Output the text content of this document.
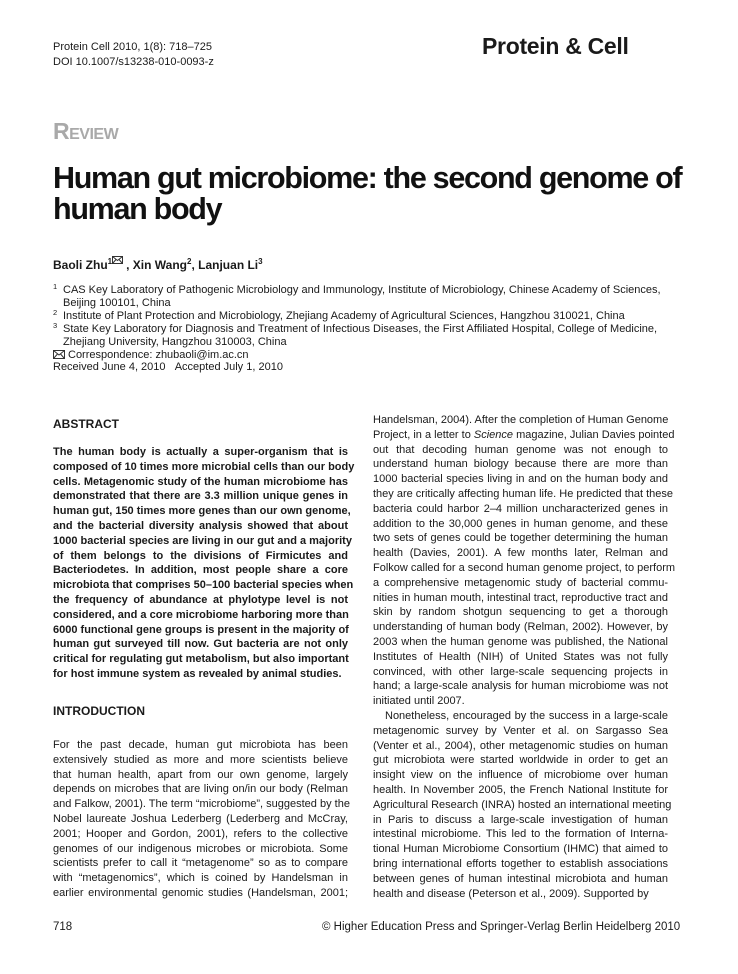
Protein Cell 2010, 1(8): 718–725
DOI 10.1007/s13238-010-0093-z
Protein & Cell
Review
Human gut microbiome: the second genome of human body
Baoli Zhu$^1$ , Xin Wang$^2$, Lanjuan Li$^3$
1 CAS Key Laboratory of Pathogenic Microbiology and Immunology, Institute of Microbiology, Chinese Academy of Sciences,
Beijing 100101, China
2 Institute of Plant Protection and Microbiology, Zhejiang Academy of Agricultural Sciences, Hangzhou 310021, China
3 State Key Laboratory for Diagnosis and Treatment of Infectious Diseases, the First Affiliated Hospital, College of Medicine,
Zhejiang University, Hangzhou 310003, China
Correspondence: zhubaoli@im.ac.cn
Received June 4, 2010 Accepted July 1, 2010
ABSTRACT
The human body is actually a super-organism that is
composed of 10 times more microbial cells than our body
cells. Metagenomic study of the human microbiome has
demonstrated that there are 3.3 million unique genes in
human gut, 150 times more genes than our own genome,
and the bacterial diversity analysis showed that about
1000 bacterial species are living in our gut and a majority
of them belongs to the divisions of Firmicutes and
Bacteriodetes. In addition, most people share a core
microbiota that comprises 50–100 bacterial species when
the frequency of abundance at phylotype level is not
considered, and a core microbiome harboring more than
6000 functional gene groups is present in the majority of
human gut surveyed till now. Gut bacteria are not only
critical for regulating gut metabolism, but also important
for host immune system as revealed by animal studies.
INTRODUCTION
For the past decade, human gut microbiota has been
extensively studied as more and more scientists believe
that human health, apart from our own genome, largely
depends on microbes that are living on/in our body (Relman
and Falkow, 2001). The term “microbiome”, suggested by the
Nobel laureate Joshua Lederberg (Lederberg and McCray,
2001; Hooper and Gordon, 2001), refers to the collective
genomes of our indigenous microbes or microbiota. Some
scientists prefer to call it “metagenome” so as to compare
with “metagenomics”, which is coined by Handelsman in
earlier environmental genomic studies (Handelsman, 2001;
Handelsman, 2004). After the completion of Human Genome
Project, in a letter to Science magazine, Julian Davies pointed
out that decoding human genome was not enough to
understand human biology because there are more than
1000 bacterial species living in and on the human body and
they are critically affecting human life. He predicted that these
bacteria could harbor 2–4 million uncharacterized genes in
addition to the 30,000 genes in human genome, and these
two sets of genes could be together determining the human
health (Davies, 2001). A few months later, Relman and
Folkow called for a second human genome project, to perform
a comprehensive metagenomic study of bacterial commu-
nities in human mouth, intestinal tract, reproductive tract and
skin by random shotgun sequencing to get a thorough
understanding of human body (Relman, 2002). However, by
2003 when the human genome was published, the National
Institutes of Health (NIH) of United States was not fully
convinced, with other large-scale sequencing projects in
hand; a large-scale analysis for human microbiome was not
initiated until 2007.
Nonetheless, encouraged by the success in a large-scale
metagenomic survey by Venter et al. on Sargasso Sea
(Venter et al., 2004), other metagenomic studies on human
gut microbiota were started worldwide in order to get an
insight view on the influence of microbiome over human
health. In November 2005, the French National Institute for
Agricultural Research (INRA) hosted an international meeting
in Paris to discuss a large-scale investigation of human
intestinal microbiome. This led to the formation of Interna-
tional Human Microbiome Consortium (IHMC) that aimed to
bring international efforts together to establish associations
between genes of human intestinal microbiota and human
health and disease (Peterson et al., 2009). Supported by
718	© Higher Education Press and Springer-Verlag Berlin Heidelberg 2010
